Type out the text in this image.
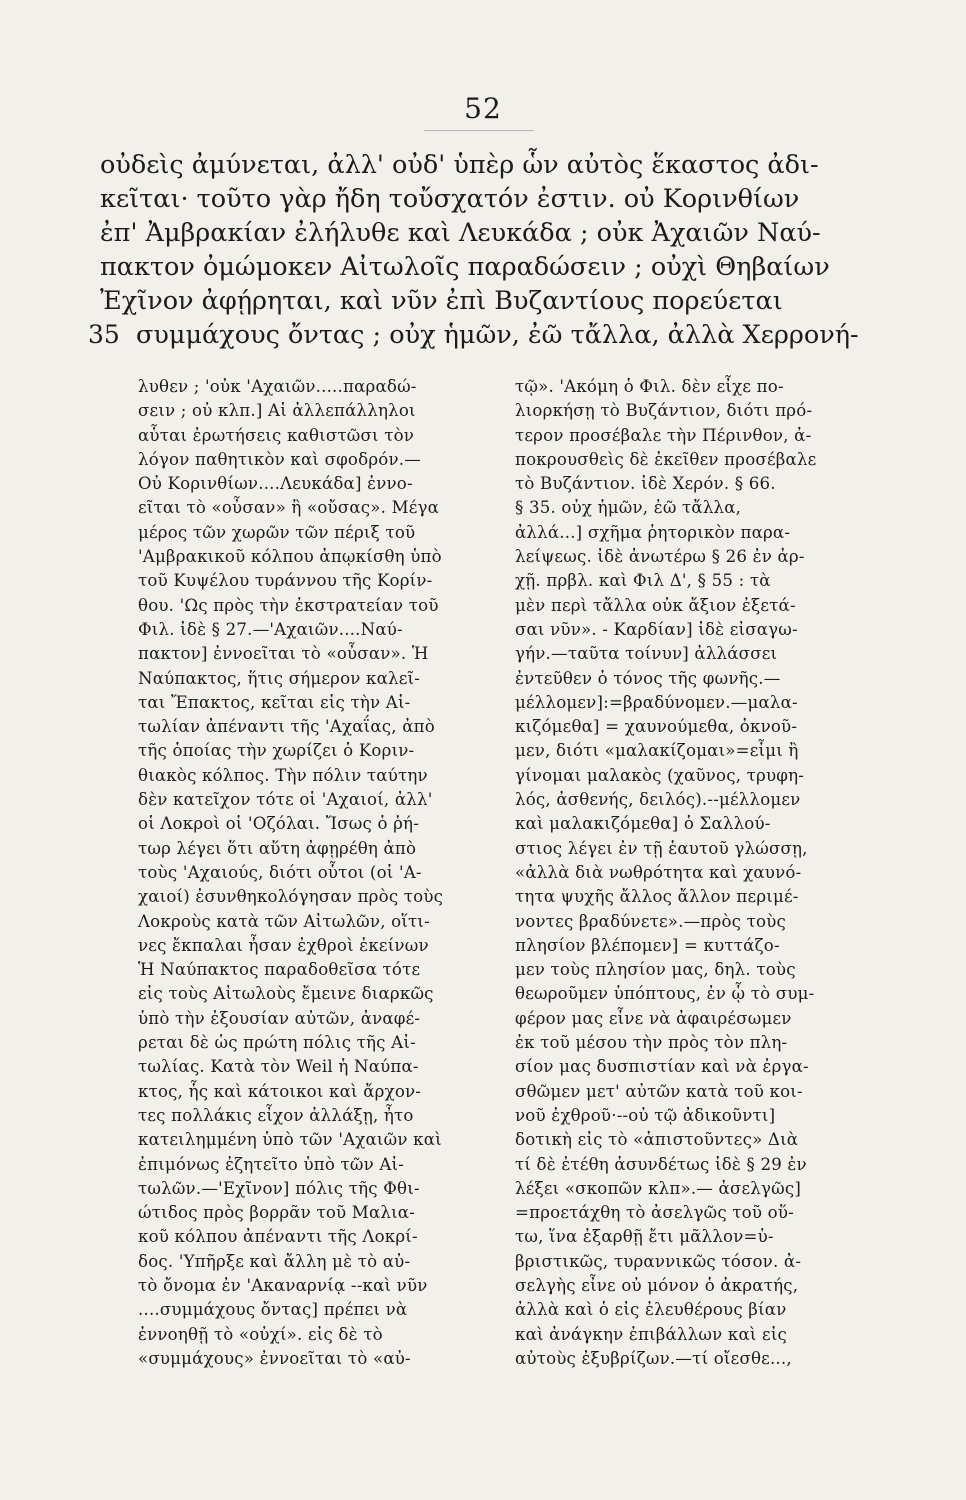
52
οὐδεὶς ἀμύνεται, ἀλλ' οὐδ' ὑπὲρ ὧν αὐτὸς ἕκαστος ἀδι-
κεῖται· τοῦτο γὰρ ἤδη τοὔσχατόν ἐστιν. οὐ Κορινθίων
ἐπ' Ἀμβρακίαν ἐλήλυθε καὶ Λευκάδα ; οὐκ Ἀχαιῶν Ναύ-
πακτον ὀμώμοκεν Αἰτωλοῖς παραδώσειν ; οὐχὶ Θηβαίων
Ἐχῖνον ἀφῄρηται, καὶ νῦν ἐπὶ Βυζαντίους πορεύεται
35 συμμάχους ὄντας ; οὐχ ἡμῶν, ἐῶ τἄλλα, ἀλλὰ Χερρονή-
λυθεν ; 'οὐκ 'Αχαιῶν.....παραδώ-
σειν ; οὐ κλπ.] Αἱ ἀλλεπάλληλοι
αὗται ἐρωτήσεις καθιστῶσι τὸν
λόγον παθητικὸν καὶ σφοδρόν.—
Οὐ Κορινθίων....Λευκάδα] ἐννο-
εῖται τὸ «οὖσαν» ἢ «οὔσας». Μέγα
μέρος τῶν χωρῶν τῶν πέριξ τοῦ
'Αμβρακικοῦ κόλπου ἀπῳκίσθη ὑπὸ
τοῦ Κυψέλου τυράννου τῆς Κορίν-
θου. 'Ως πρὸς τὴν ἐκστρατείαν τοῦ
Φιλ. ἰδὲ § 27.—'Αχαιῶν....Ναύ-
πακτον] ἐννοεῖται τὸ «οὖσαν». Ἡ
Ναύπακτος, ἥτις σήμερον καλεῖ-
ται Ἔπακτος, κεῖται εἰς τὴν Αἰ-
τωλίαν ἀπέναντι τῆς 'Αχαΐας, ἀπὸ
τῆς ὁποίας τὴν χωρίζει ὁ Κοριν-
θιακὸς κόλπος. Τὴν πόλιν ταύτην
δὲν κατεῖχον τότε οἱ 'Αχαιοί, ἀλλ'
οἱ Λοκροὶ οἱ 'Οζόλαι. Ἴσως ὁ ῥή-
τωρ λέγει ὅτι αὕτη ἀφῃρέθη ἀπὸ
τοὺς 'Αχαιούς, διότι οὗτοι (οἱ 'Α-
χαιοί) ἐσυνθηκολόγησαν πρὸς τοὺς
Λοκροὺς κατὰ τῶν Αἰτωλῶν, οἵτι-
νες ἔκπαλαι ἦσαν ἐχθροὶ ἐκείνων
Ἡ Ναύπακτος παραδοθεῖσα τότε
εἰς τοὺς Αἰτωλοὺς ἔμεινε διαρκῶς
ὑπὸ τὴν ἐξουσίαν αὐτῶν, ἀναφέ-
ρεται δὲ ὡς πρώτη πόλις τῆς Αἰ-
τωλίας. Κατὰ τὸν Weil ἡ Ναύπα-
κτος, ἧς καὶ κάτοικοι καὶ ἄρχον-
τες πολλάκις εἶχον ἀλλάξῃ, ἦτο
κατειλημμένη ὑπὸ τῶν 'Αχαιῶν καὶ
ἐπιμόνως ἐζητεῖτο ὑπὸ τῶν Αἰ-
τωλῶν.—'Εχῖνον] πόλις τῆς Φθι-
ώτιδος πρὸς βορρᾶν τοῦ Μαλια-
κοῦ κόλπου ἀπέναντι τῆς Λοκρί-
δος. 'Υπῆρξε καὶ ἄλλη μὲ τὸ αὐ-
τὸ ὄνομα ἐν 'Ακαναρνίᾳ --καὶ νῦν
....συμμάχους ὄντας] πρέπει νὰ
ἐννοηθῇ τὸ «οὐχί». εἰς δὲ τὸ
«συμμάχους» ἐννοεῖται τὸ «αὐ-
τῷ». 'Ακόμη ὁ Φιλ. δὲν εἶχε πο-
λιορκήσῃ τὸ Βυζάντιον, διότι πρό-
τερον προσέβαλε τὴν Πέρινθον, ἀ-
ποκρουσθεὶς δὲ ἐκεῖθεν προσέβαλε
τὸ Βυζάντιον. ἰδὲ Χερόν. § 66.
§ 35. οὐχ ἡμῶν, ἐῶ τἄλλα,
ἀλλά...] σχῆμα ῥητορικὸν παρα-
λείψεως. ἰδὲ ἀνωτέρω § 26 ἐν ἀρ-
χῇ. πρβλ. καὶ Φιλ Δ', § 55 : τὰ
μὲν περὶ τἄλλα οὐκ ἄξιον ἐξετά-
σαι νῦν». - Καρδίαν] ἰδὲ εἰσαγω-
γήν.—ταῦτα τοίνυν] ἀλλάσσει
ἐντεῦθεν ὁ τόνος τῆς φωνῆς.—
μέλλομεν]:=βραδύνομεν.—μαλα-
κιζόμεθα] = χαυνούμεθα, ὀκνοῦ-
μεν, διότι «μαλακίζομαι»=εἶμι ἢ
γίνομαι μαλακὸς (χαῦνος, τρυφη-
λός, ἀσθενής, δειλός).--μέλλομεν
καὶ μαλακιζόμεθα] ὁ Σαλλού-
στιος λέγει ἐν τῇ ἑαυτοῦ γλώσσῃ,
«ἀλλὰ διὰ νωθρότητα καὶ χαυνό-
τητα ψυχῆς ἄλλος ἄλλον περιμέ-
νοντες βραδύνετε».—πρὸς τοὺς
πλησίον βλέπομεν] = κυττάζο-
μεν τοὺς πλησίον μας, δηλ. τοὺς
θεωροῦμεν ὑπόπτους, ἐν ᾧ τὸ συμ-
φέρον μας εἶνε νὰ ἀφαιρέσωμεν
ἐκ τοῦ μέσου τὴν πρὸς τὸν πλη-
σίον μας δυσπιστίαν καὶ νὰ ἐργα-
σθῶμεν μετ' αὐτῶν κατὰ τοῦ κοι-
νοῦ ἐχθροῦ·--οὐ τῷ ἀδικοῦντι]
δοτικὴ εἰς τὸ «ἀπιστοῦντες» Διὰ
τί δὲ ἐτέθη ἀσυνδέτως ἰδὲ § 29 ἐν
λέξει «σκοπῶν κλπ».— ἀσελγῶς]
=προετάχθη τὸ ἀσελγῶς τοῦ οὕ-
τω, ἵνα ἐξαρθῇ ἔτι μᾶλλον=ὑ-
βριστικῶς, τυραννικῶς τόσον. ἀ-
σελγὴς εἶνε οὐ μόνον ὁ ἀκρατής,
ἀλλὰ καὶ ὁ εἰς ἐλευθέρους βίαν
καὶ ἀνάγκην ἐπιβάλλων καὶ εἰς
αὐτοὺς ἐξυβρίζων.—τί οἴεσθε...,
